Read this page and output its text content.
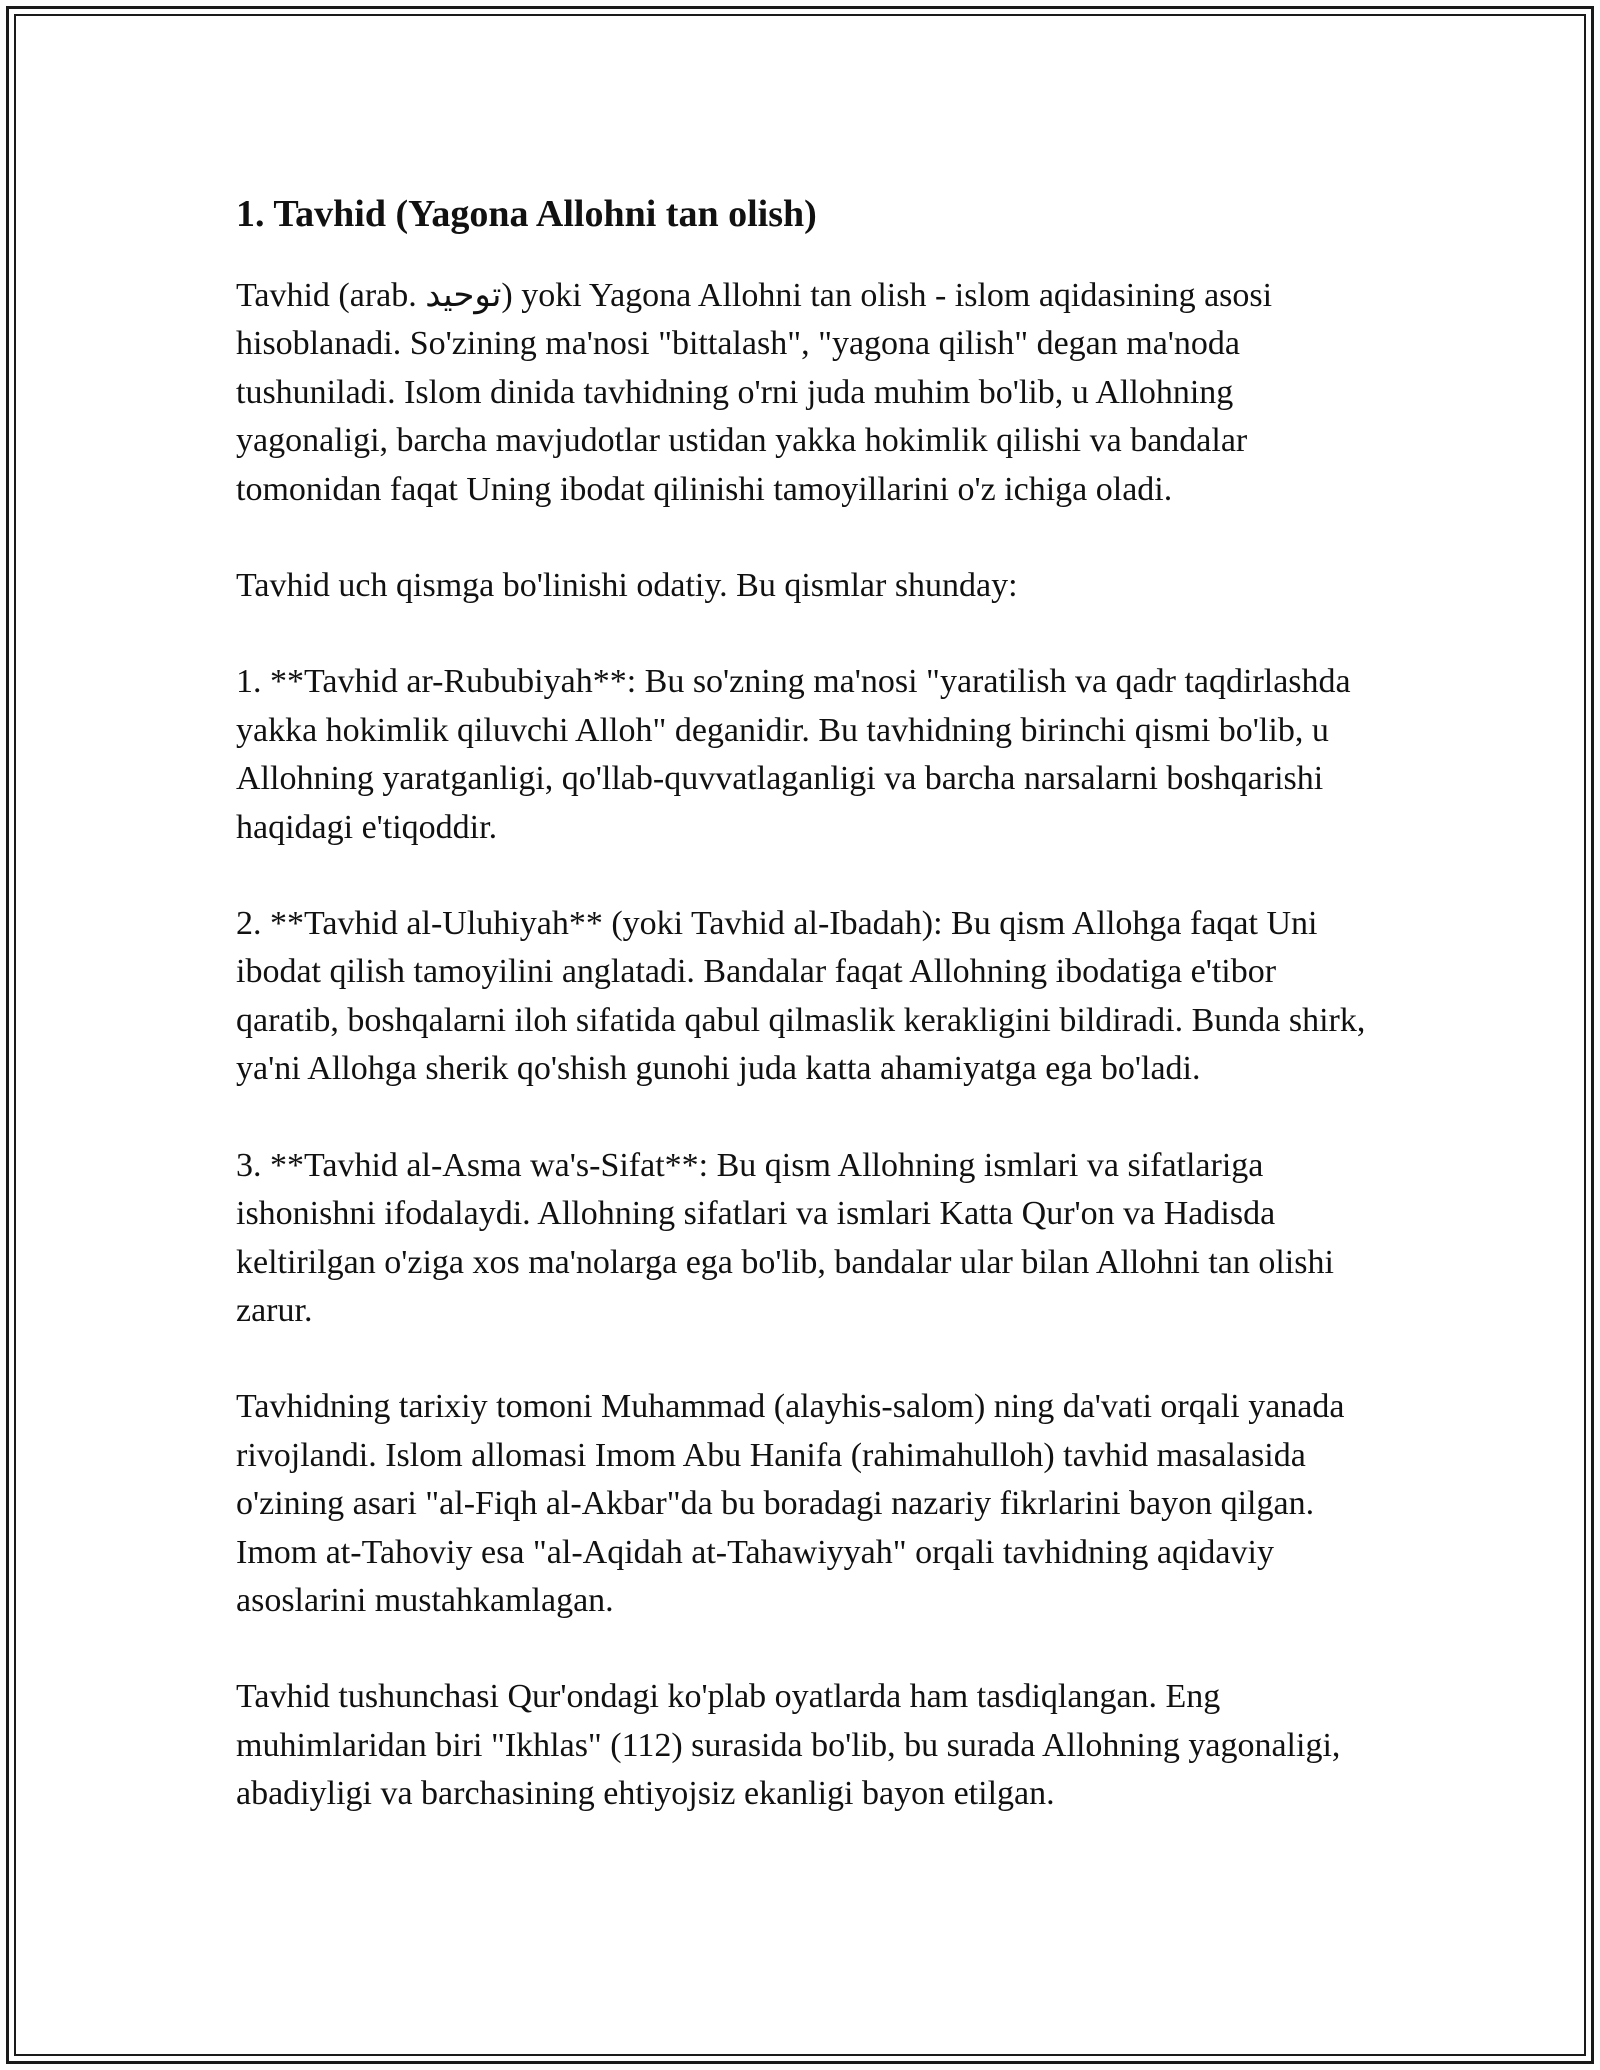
1. Tavhid (Yagona Allohni tan olish)

Tavhid (arab. توحيد) yoki Yagona Allohni tan olish - islom aqidasining asosi hisoblanadi. So'zining ma'nosi "bittalash", "yagona qilish" degan ma'noda tushuniladi. Islom dinida tavhidning o'rni juda muhim bo'lib, u Allohning yagonaligi, barcha mavjudotlar ustidan yakka hokimlik qilishi va bandalar tomonidan faqat Uning ibodat qilinishi tamoyillarini o'z ichiga oladi.

Tavhid uch qismga bo'linishi odatiy. Bu qismlar shunday:

1. **Tavhid ar-Rububiyah**: Bu so'zning ma'nosi "yaratilish va qadr taqdirlashda yakka hokimlik qiluvchi Alloh" deganidir. Bu tavhidning birinchi qismi bo'lib, u Allohning yaratganligi, qo'llab-quvvatlaganligi va barcha narsalarni boshqarishi haqidagi e'tiqoddir.

2. **Tavhid al-Uluhiyah** (yoki Tavhid al-Ibadah): Bu qism Allohga faqat Uni ibodat qilish tamoyilini anglatadi. Bandalar faqat Allohning ibodatiga e'tibor qaratib, boshqalarni iloh sifatida qabul qilmaslik kerakligini bildiradi. Bunda shirk, ya'ni Allohga sherik qo'shish gunohi juda katta ahamiyatga ega bo'ladi.

3. **Tavhid al-Asma wa's-Sifat**: Bu qism Allohning ismlari va sifatlariga ishonishni ifodalaydi. Allohning sifatlari va ismlari Katta Qur'on va Hadisda keltirilgan o'ziga xos ma'nolarga ega bo'lib, bandalar ular bilan Allohni tan olishi zarur.

Tavhidning tarixiy tomoni Muhammad (alayhis-salom) ning da'vati orqali yanada rivojlandi. Islom allomasi Imom Abu Hanifa (rahimahulloh) tavhid masalasida o'zining asari "al-Fiqh al-Akbar"da bu boradagi nazariy fikrlarini bayon qilgan. Imom at-Tahoviy esa "al-Aqidah at-Tahawiyyah" orqali tavhidning aqidaviy asoslarini mustahkamlagan.

Tavhid tushunchasi Qur'ondagi ko'plab oyatlarda ham tasdiqlangan. Eng muhimlaridan biri "Ikhlas" (112) surasida bo'lib, bu surada Allohning yagonaligi, abadiyligi va barchasining ehtiyojsiz ekanligi bayon etilgan.
